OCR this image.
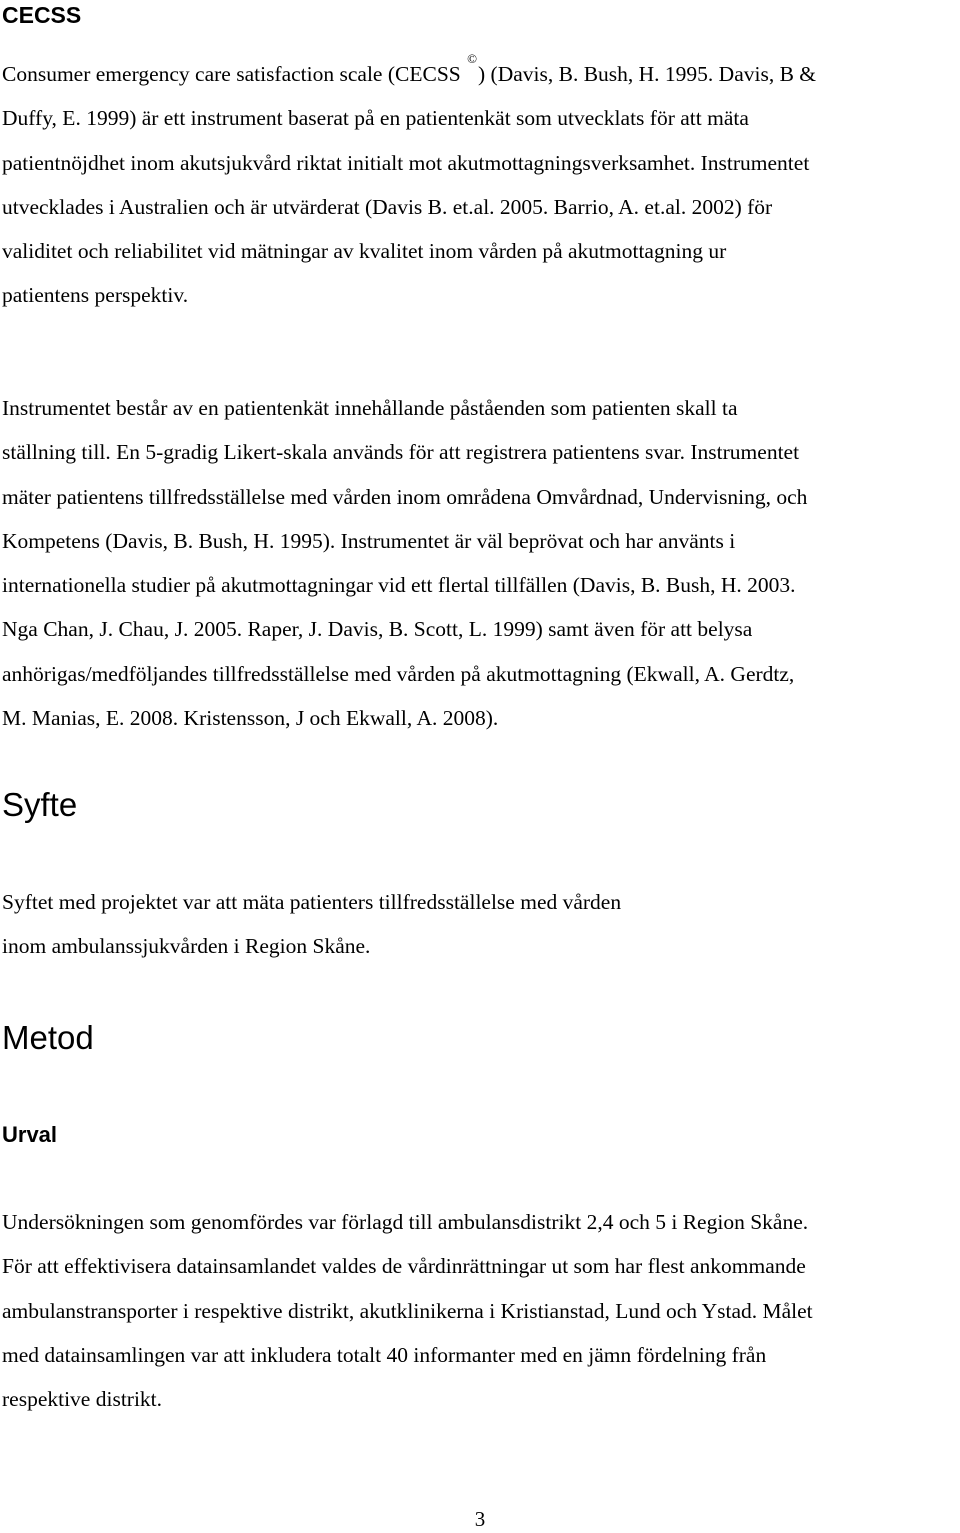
CECSS
Consumer emergency care satisfaction scale (CECSS ©) (Davis, B. Bush, H. 1995. Davis, B &
Duffy, E. 1999) är ett instrument baserat på en patientenkät som utvecklats för att mäta
patientnöjdhet inom akutsjukvård riktat initialt mot akutmottagningsverksamhet. Instrumentet
utvecklades i Australien och är utvärderat (Davis B. et.al. 2005. Barrio, A. et.al. 2002) för
validitet och reliabilitet vid mätningar av kvalitet inom vården på akutmottagning ur
patientens perspektiv.
Instrumentet består av en patientenkät innehållande påståenden som patienten skall ta
ställning till. En 5-gradig Likert-skala används för att registrera patientens svar. Instrumentet
mäter patientens tillfredsställelse med vården inom områdena Omvårdnad, Undervisning, och
Kompetens (Davis, B. Bush, H. 1995). Instrumentet är väl beprövat och har använts i
internationella studier på akutmottagningar vid ett flertal tillfällen (Davis, B. Bush, H. 2003.
Nga Chan, J. Chau, J. 2005. Raper, J. Davis, B. Scott, L. 1999) samt även för att belysa
anhörigas/medföljandes tillfredsställelse med vården på akutmottagning (Ekwall, A. Gerdtz,
M. Manias, E. 2008. Kristensson, J och Ekwall, A. 2008).
Syfte
Syftet med projektet var att mäta patienters tillfredsställelse med vården
inom ambulanssjukvården i Region Skåne.
Metod
Urval
Undersökningen som genomfördes var förlagd till ambulansdistrikt 2,4 och 5 i Region Skåne.
För att effektivisera datainsamlandet valdes de vårdinrättningar ut som har flest ankommande
ambulanstransporter i respektive distrikt, akutklinikerna i Kristianstad, Lund och Ystad. Målet
med datainsamlingen var att inkludera totalt 40 informanter med en jämn fördelning från
respektive distrikt.
3
